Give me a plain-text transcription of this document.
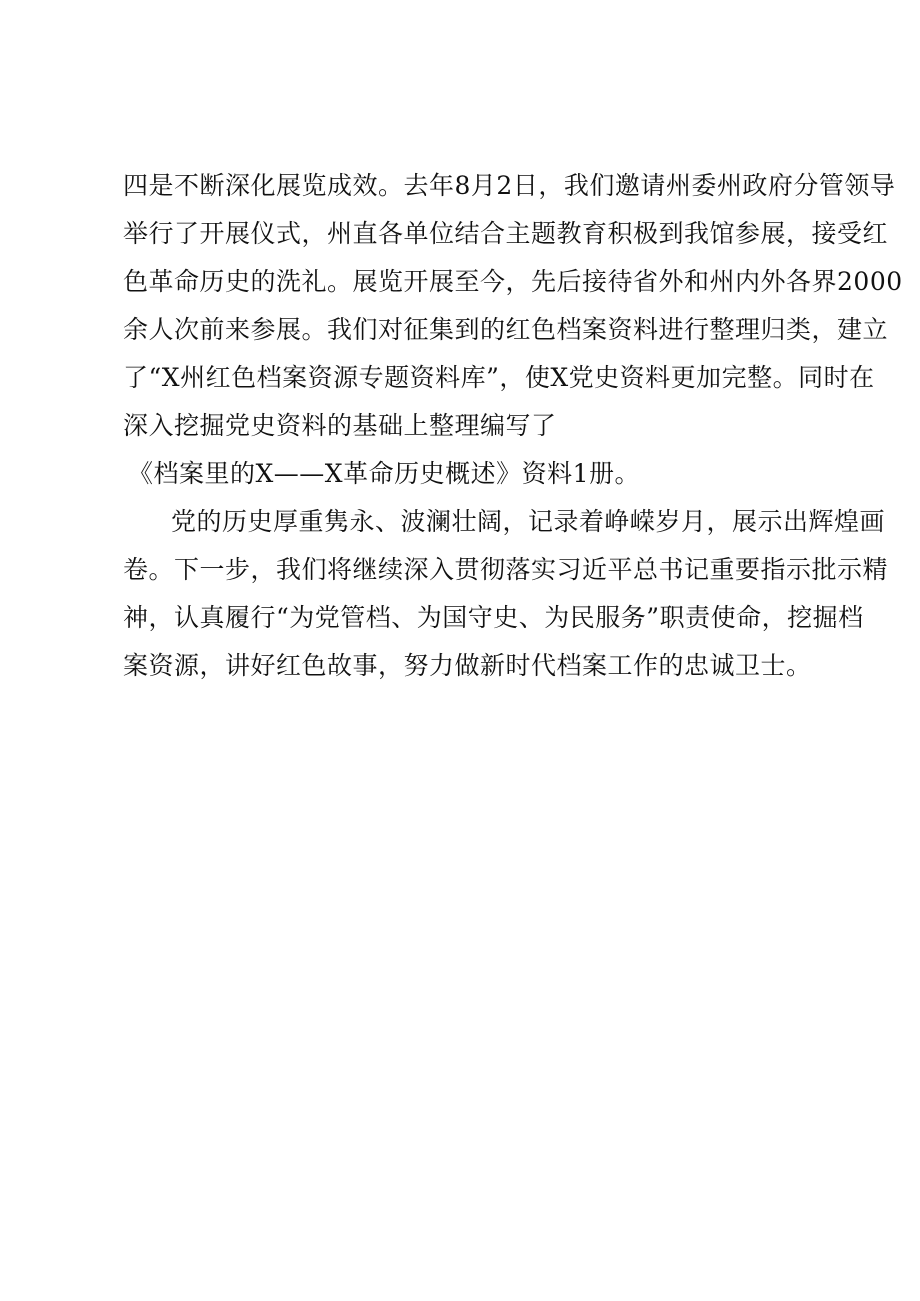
四是不断深化展览成效。去年8月2日，我们邀请州委州政府分管领导
举行了开展仪式，州直各单位结合主题教育积极到我馆参展，接受红
色革命历史的洗礼。展览开展至今，先后接待省外和州内外各界2000
余人次前来参展。我们对征集到的红色档案资料进行整理归类，建立
了“X州红色档案资源专题资料库”，使X党史资料更加完整。同时在
深入挖掘党史资料的基础上整理编写了
《档案里的X——X革命历史概述》资料1册。
党的历史厚重隽永、波澜壮阔，记录着峥嵘岁月，展示出辉煌画
卷。下一步，我们将继续深入贯彻落实习近平总书记重要指示批示精
神，认真履行“为党管档、为国守史、为民服务”职责使命，挖掘档
案资源，讲好红色故事，努力做新时代档案工作的忠诚卫士。
